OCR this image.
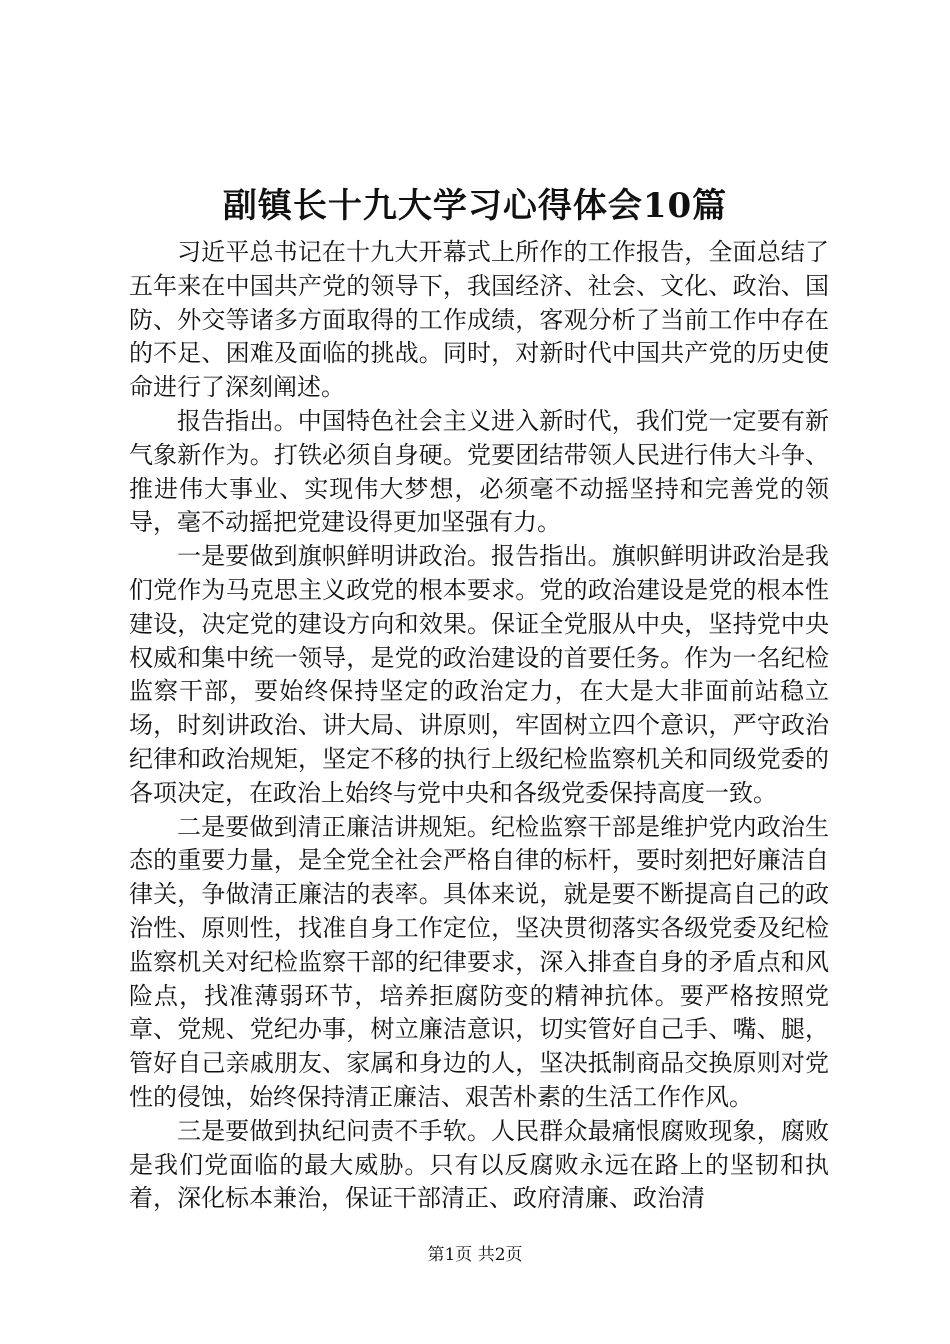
副镇长十九大学习心得体会10篇

习近平总书记在十九大开幕式上所作的工作报告，全面总结了五年来在中国共产党的领导下，我国经济、社会、文化、政治、国防、外交等诸多方面取得的工作成绩，客观分析了当前工作中存在的不足、困难及面临的挑战。同时，对新时代中国共产党的历史使命进行了深刻阐述。

报告指出。中国特色社会主义进入新时代，我们党一定要有新气象新作为。打铁必须自身硬。党要团结带领人民进行伟大斗争、推进伟大事业、实现伟大梦想，必须毫不动摇坚持和完善党的领导，毫不动摇把党建设得更加坚强有力。

一是要做到旗帜鲜明讲政治。报告指出。旗帜鲜明讲政治是我们党作为马克思主义政党的根本要求。党的政治建设是党的根本性建设，决定党的建设方向和效果。保证全党服从中央，坚持党中央权威和集中统一领导，是党的政治建设的首要任务。作为一名纪检监察干部，要始终保持坚定的政治定力，在大是大非面前站稳立场，时刻讲政治、讲大局、讲原则，牢固树立四个意识，严守政治纪律和政治规矩，坚定不移的执行上级纪检监察机关和同级党委的各项决定，在政治上始终与党中央和各级党委保持高度一致。

二是要做到清正廉洁讲规矩。纪检监察干部是维护党内政治生态的重要力量，是全党全社会严格自律的标杆，要时刻把好廉洁自律关，争做清正廉洁的表率。具体来说，就是要不断提高自己的政治性、原则性，找准自身工作定位，坚决贯彻落实各级党委及纪检监察机关对纪检监察干部的纪律要求，深入排查自身的矛盾点和风险点，找准薄弱环节，培养拒腐防变的精神抗体。要严格按照党章、党规、党纪办事，树立廉洁意识，切实管好自己手、嘴、腿，管好自己亲戚朋友、家属和身边的人，坚决抵制商品交换原则对党性的侵蚀，始终保持清正廉洁、艰苦朴素的生活工作作风。

三是要做到执纪问责不手软。人民群众最痛恨腐败现象，腐败是我们党面临的最大威胁。只有以反腐败永远在路上的坚韧和执着，深化标本兼治，保证干部清正、政府清廉、政治清

第1页 共2页
